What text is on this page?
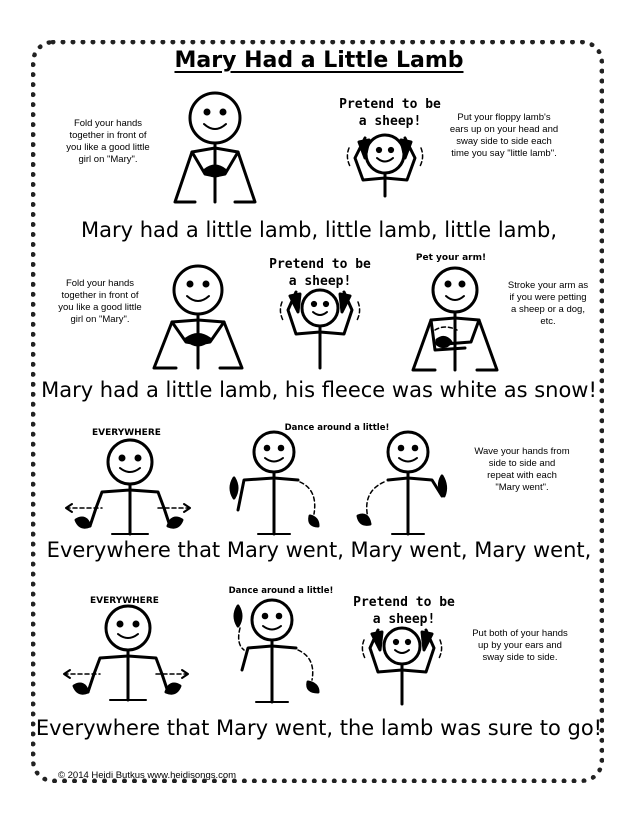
Mary Had a Little Lamb
Fold your hands together in front of you like a good little girl on "Mary".
Pretend to be a sheep!	Put your floppy lamb's ears up on your head and sway side to side each time you say "little lamb".
Mary had a little lamb, little lamb, little lamb,
Fold your hands together in front of you like a good little girl on "Mary".
Pretend to be a sheep!
Pet your arm!
Stroke your arm as if you were petting a sheep or a dog, etc.
Mary had a little lamb, his fleece was white as snow!
EVERYWHERE	Dance around a little!
Wave your hands from side to side and repeat with each "Mary went".
Everywhere that Mary went, Mary went, Mary went,
EVERYWHERE
Dance around a little!
Pretend to be a sheep!
Put both of your hands up by your ears and sway side to side.
Everywhere that Mary went, the lamb was sure to go!
© 2014 Heidi Butkus www.heidisongs.com
